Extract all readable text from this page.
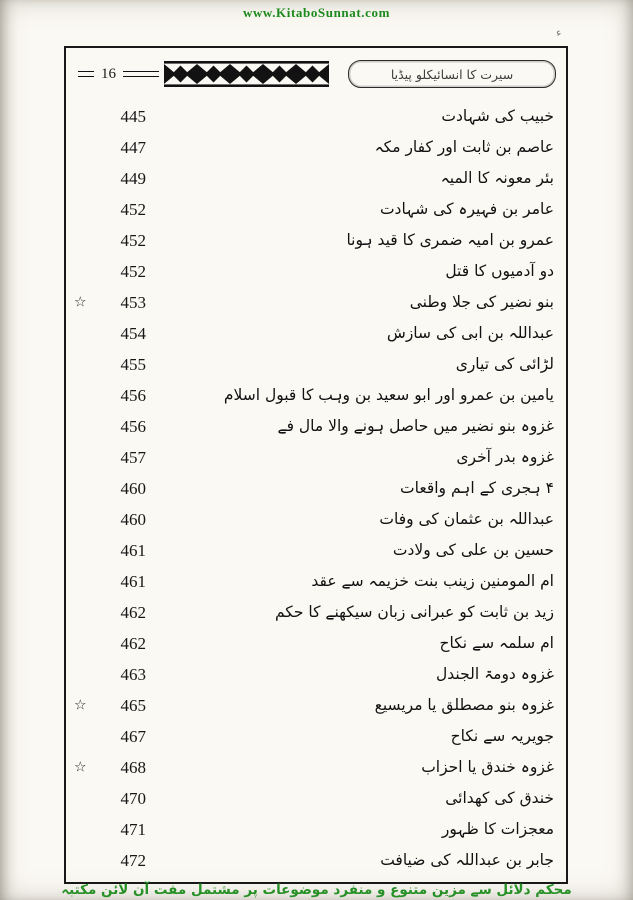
www.KitaboSunnat.com
ء
16	سیرت کا انسائیکلو پیڈیا
445	خبیب کی شہادت
447	عاصم بن ثابت اور کفار مکہ
449	بئر معونہ کا المیہ
452	عامر بن فہیرہ کی شہادت
452	عمرو بن امیہ ضمری کا قید ہونا
452	دو آدمیوں کا قتل
☆	453	بنو نضیر کی جلا وطنی
454	عبداللہ بن ابی کی سازش
455	لڑائی کی تیاری
456	یامین بن عمرو اور ابو سعید بن وہب کا قبول اسلام
456	غزوہ بنو نضیر میں حاصل ہونے والا مال فے
457	غزوہ بدر آخری
460	۴ ہجری کے اہم واقعات
460	عبداللہ بن عثمان کی وفات
461	حسین بن علی کی ولادت
461	ام المومنین زینب بنت خزیمہ سے عقد
462	زید بن ثابت کو عبرانی زبان سیکھنے کا حکم
462	ام سلمہ سے نکاح
463	غزوہ دومۃ الجندل
☆	465	غزوہ بنو مصطلق یا مریسیع
467	جویریہ سے نکاح
☆	468	غزوہ خندق یا احزاب
470	خندق کی کھدائی
471	معجزات کا ظہور
472	جابر بن عبداللہ کی ضیافت
محکم دلائل سے مزین متنوع و منفرد موضوعات پر مشتمل مفت آن لائن مکتبہ
